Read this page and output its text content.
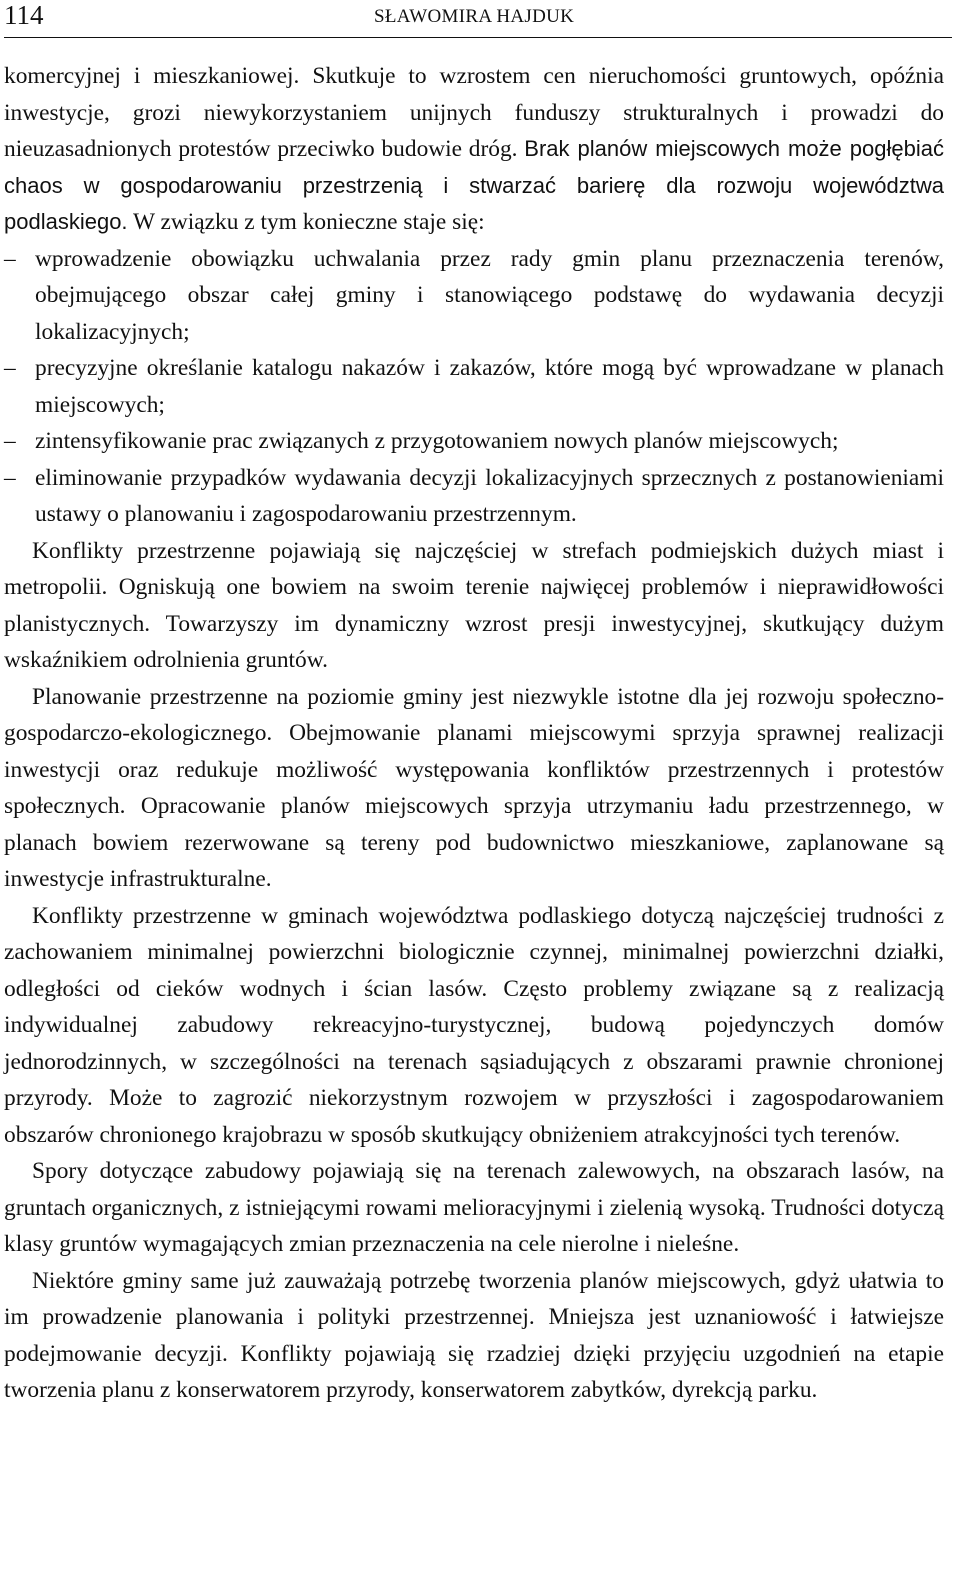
114	SŁAWOMIRA HAJDUK

komercyjnej i mieszkaniowej. Skutkuje to wzrostem cen nieruchomości gruntowych, opóźnia inwestycje, grozi niewykorzystaniem unijnych funduszy strukturalnych i prowadzi do nieuzasadnionych protestów przeciwko budowie dróg. Brak planów miejscowych może pogłębiać chaos w gospodarowaniu przestrzenią i stwarzać barierę dla rozwoju województwa podlaskiego. W związku z tym konieczne staje się:

– wprowadzenie obowiązku uchwalania przez rady gmin planu przeznaczenia terenów, obejmującego obszar całej gminy i stanowiącego podstawę do wydawania decyzji lokalizacyjnych;
– precyzyjne określanie katalogu nakazów i zakazów, które mogą być wprowadzane w planach miejscowych;
– zintensyfikowanie prac związanych z przygotowaniem nowych planów miejscowych;
– eliminowanie przypadków wydawania decyzji lokalizacyjnych sprzecznych z postanowieniami ustawy o planowaniu i zagospodarowaniu przestrzennym.

Konflikty przestrzenne pojawiają się najczęściej w strefach podmiejskich dużych miast i metropolii. Ogniskują one bowiem na swoim terenie najwięcej problemów i nieprawidłowości planistycznych. Towarzyszy im dynamiczny wzrost presji inwestycyjnej, skutkujący dużym wskaźnikiem odrolnienia gruntów.

Planowanie przestrzenne na poziomie gminy jest niezwykle istotne dla jej rozwoju społeczno-gospodarczo-ekologicznego. Obejmowanie planami miejscowymi sprzyja sprawnej realizacji inwestycji oraz redukuje możliwość występowania konfliktów przestrzennych i protestów społecznych. Opracowanie planów miejscowych sprzyja utrzymaniu ładu przestrzennego, w planach bowiem rezerwowane są tereny pod budownictwo mieszkaniowe, zaplanowane są inwestycje infrastrukturalne.

Konflikty przestrzenne w gminach województwa podlaskiego dotyczą najczęściej trudności z zachowaniem minimalnej powierzchni biologicznie czynnej, minimalnej powierzchni działki, odległości od cieków wodnych i ścian lasów. Często problemy związane są z realizacją indywidualnej zabudowy rekreacyjno-turystycznej, budową pojedynczych domów jednorodzinnych, w szczególności na terenach sąsiadujących z obszarami prawnie chronionej przyrody. Może to zagrozić niekorzystnym rozwojem w przyszłości i zagospodarowaniem obszarów chronionego krajobrazu w sposób skutkujący obniżeniem atrakcyjności tych terenów.

Spory dotyczące zabudowy pojawiają się na terenach zalewowych, na obszarach lasów, na gruntach organicznych, z istniejącymi rowami melioracyjnymi i zielenią wysoką. Trudności dotyczą klasy gruntów wymagających zmian przeznaczenia na cele nierolne i nieleśne.

Niektóre gminy same już zauważają potrzebę tworzenia planów miejscowych, gdyż ułatwia to im prowadzenie planowania i polityki przestrzennej. Mniejsza jest uznaniowość i łatwiejsze podejmowanie decyzji. Konflikty pojawiają się rzadziej dzięki przyjęciu uzgodnień na etapie tworzenia planu z konserwatorem przyrody, konserwatorem zabytków, dyrekcją parku.
